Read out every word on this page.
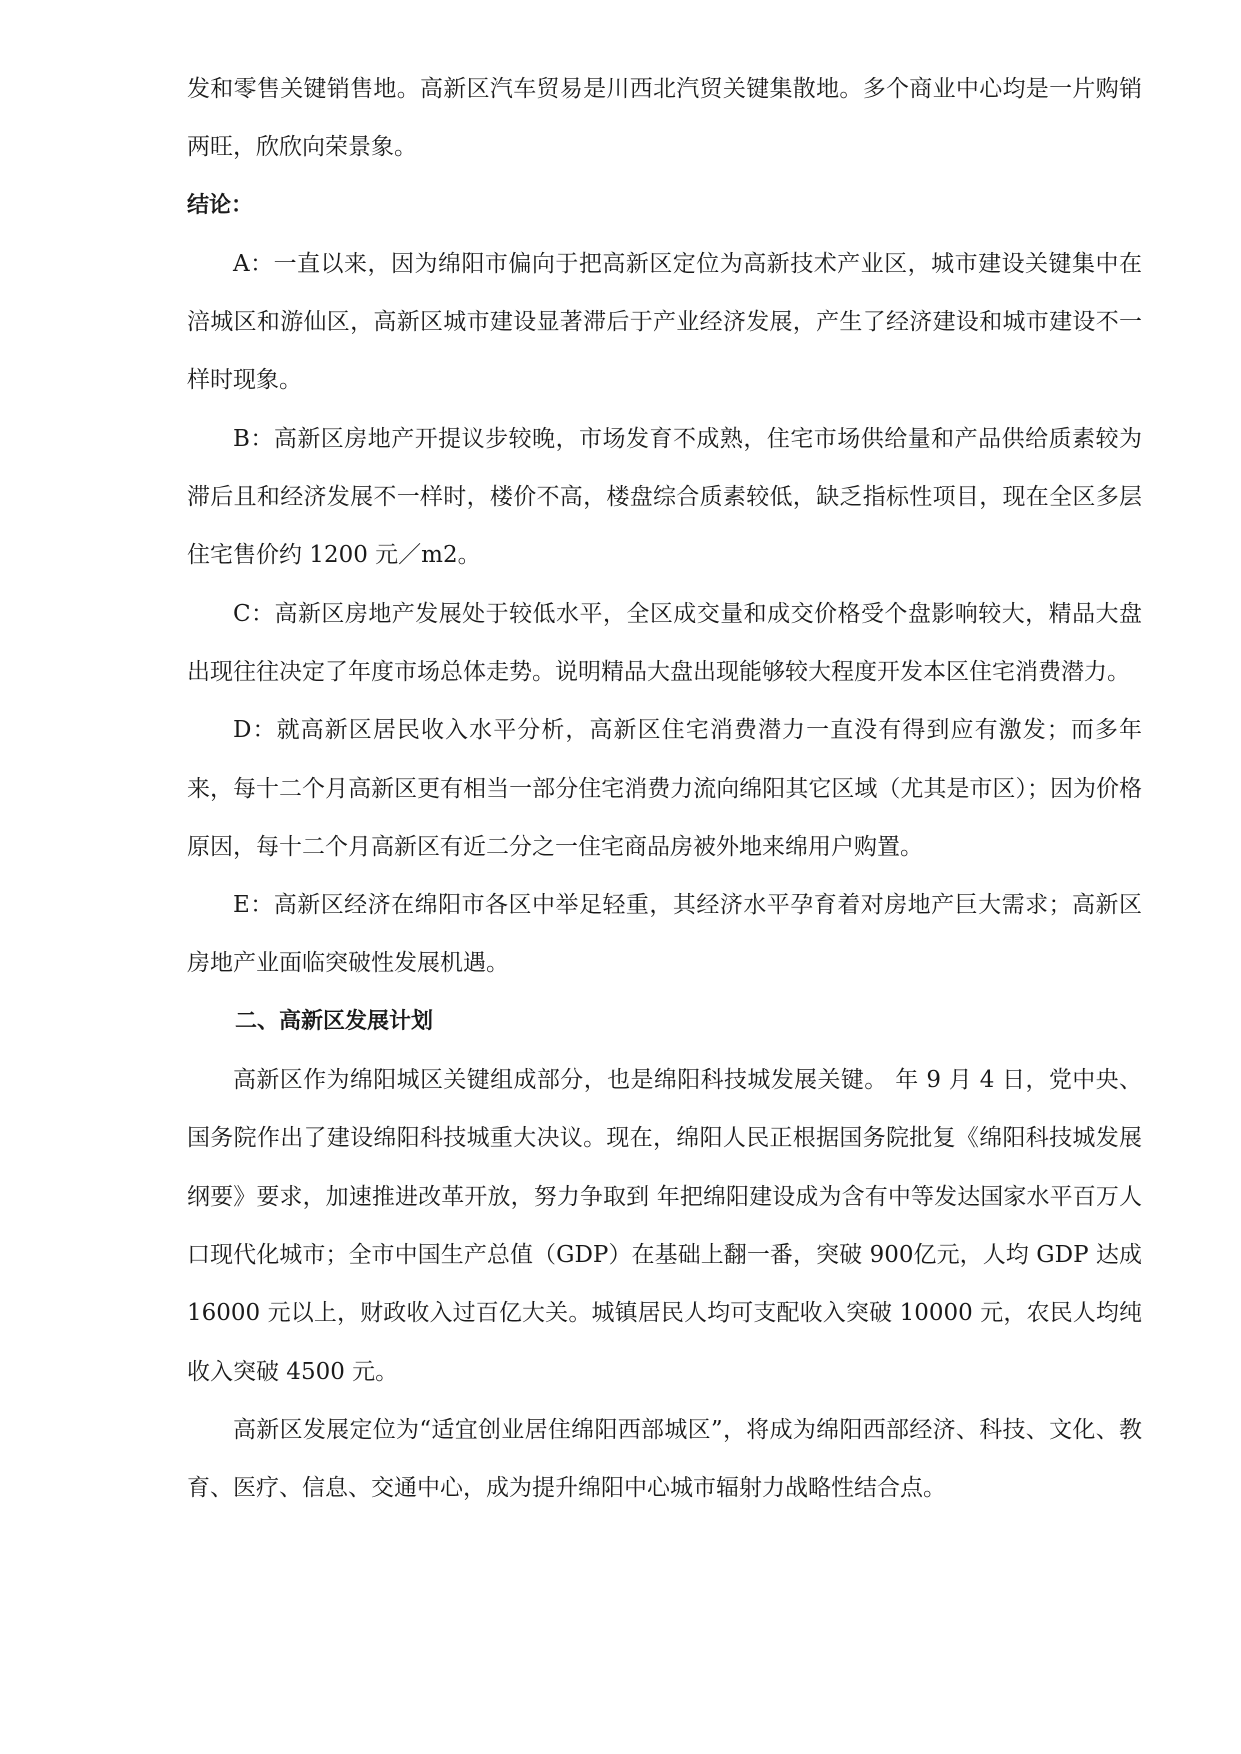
发和零售关键销售地。高新区汽车贸易是川西北汽贸关键集散地。多个商业中心均是一片购销两旺，欣欣向荣景象。

结论：

A：一直以来，因为绵阳市偏向于把高新区定位为高新技术产业区，城市建设关键集中在涪城区和游仙区，高新区城市建设显著滞后于产业经济发展，产生了经济建设和城市建设不一样时现象。

B：高新区房地产开提议步较晚，市场发育不成熟，住宅市场供给量和产品供给质素较为滞后且和经济发展不一样时，楼价不高，楼盘综合质素较低，缺乏指标性项目，现在全区多层住宅售价约 1200 元／m2。

C：高新区房地产发展处于较低水平，全区成交量和成交价格受个盘影响较大，精品大盘出现往往决定了年度市场总体走势。说明精品大盘出现能够较大程度开发本区住宅消费潜力。

D：就高新区居民收入水平分析，高新区住宅消费潜力一直没有得到应有激发；而多年来，每十二个月高新区更有相当一部分住宅消费力流向绵阳其它区域（尤其是市区）；因为价格原因，每十二个月高新区有近二分之一住宅商品房被外地来绵用户购置。

E：高新区经济在绵阳市各区中举足轻重，其经济水平孕育着对房地产巨大需求；高新区房地产业面临突破性发展机遇。

二、高新区发展计划

高新区作为绵阳城区关键组成部分，也是绵阳科技城发展关键。 年 9 月 4 日，党中央、国务院作出了建设绵阳科技城重大决议。现在，绵阳人民正根据国务院批复《绵阳科技城发展纲要》要求，加速推进改革开放，努力争取到 年把绵阳建设成为含有中等发达国家水平百万人口现代化城市；全市中国生产总值（GDP）在基础上翻一番，突破 900亿元，人均 GDP 达成 16000 元以上，财政收入过百亿大关。城镇居民人均可支配收入突破 10000 元，农民人均纯收入突破 4500 元。

高新区发展定位为“适宜创业居住绵阳西部城区”，将成为绵阳西部经济、科技、文化、教育、医疗、信息、交通中心，成为提升绵阳中心城市辐射力战略性结合点。
